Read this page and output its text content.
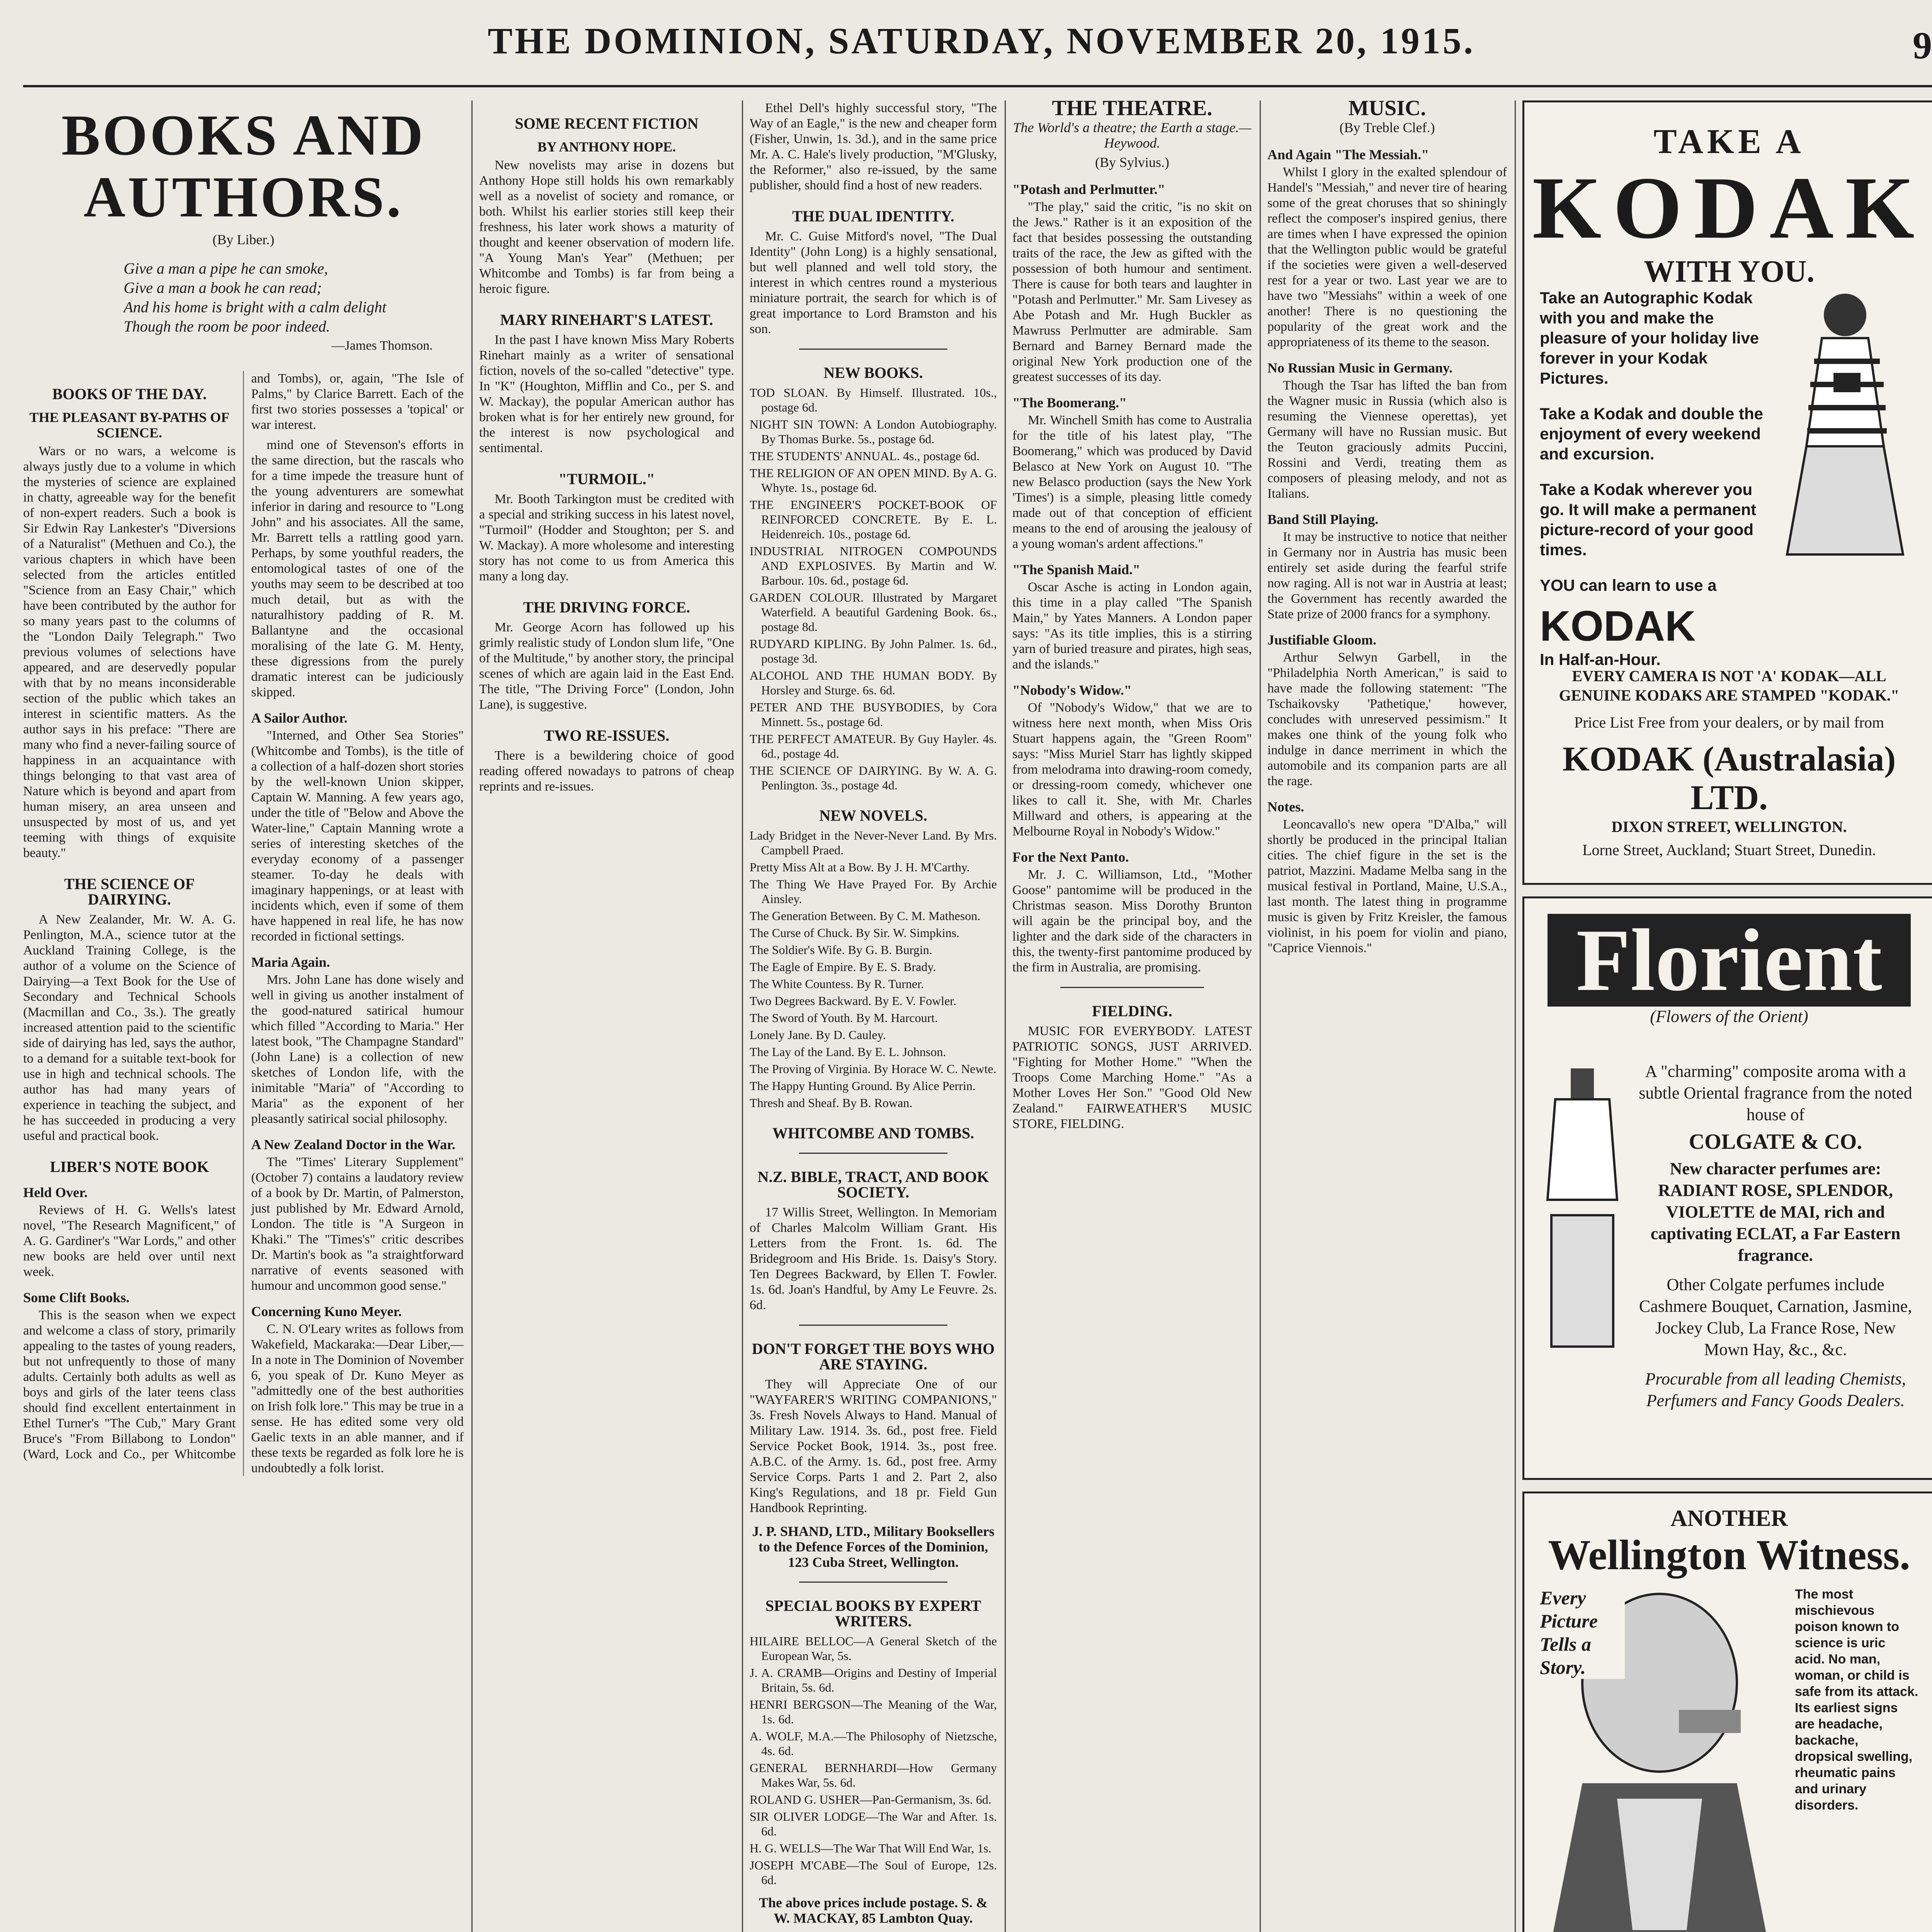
THE DOMINION, SATURDAY, NOVEMBER 20, 1915.	9
BOOKS AND AUTHORS.
(By Liber.)
Give a man a pipe he can smoke,
Give a man a book he can read;
And his home is bright with a calm delight
Though the room be poor indeed.
—James Thomson.
BOOKS OF THE DAY.
THE PLEASANT BY-PATHS OF SCIENCE.

Wars or no wars, a welcome is always justly due to a volume in which the mysteries of science are explained in chatty, agreeable way for the benefit of non-expert readers. Such a book is Sir Edwin Ray Lankester's "Diversions of a Naturalist" (Methuen and Co.), the various chapters in which have been selected from the articles entitled "Science from an Easy Chair," which have been contributed by the author for so many years past to the columns of the "London Daily Telegraph." Two previous volumes of selections have appeared, and are deservedly popular with that by no means inconsiderable section of the public which takes an interest in scientific matters. As the author says in his preface: "There are many who find a never-failing source of happiness in an acquaintance with things belonging to that vast area of Nature which is beyond and apart from human misery, an area unseen and unsuspected by most of us, and yet teeming with things of exquisite beauty."

THE SCIENCE OF DAIRYING.

A New Zealander, Mr. W. A. G. Penlington, M.A., science tutor at the Auckland Training College, is the author of a volume on the Science of Dairying—a Text Book for the Use of Secondary and Technical Schools (Macmillan and Co., 3s.). The greatly increased attention paid to the scientific side of dairying has led, says the author, to a demand for a suitable text-book for use in high and technical schools. The author has had many years of experience in teaching the subject, and he has succeeded in producing a very useful and practical book.

LIBER'S NOTE BOOK
Held Over.

Reviews of H. G. Wells's latest novel, "The Research Magnificent," of A. G. Gardiner's "War Lords," and other new books are held over until next week.

Some Clift Books.

This is the season when we expect and welcome a class of story, primarily appealing to the tastes of young readers, but not unfrequently to those of many adults. Certainly both adults as well as boys and girls of the later teens class should find excellent entertainment in Ethel Turner's "The Cub," Mary Grant Bruce's "From Billabong to London" (Ward, Lock and Co., per Whitcombe and Tombs), or, again, "The Isle of Palms," by Clarice Barrett. Each of the first two stories possesses a 'topical' or war interest.

mind one of Stevenson's efforts in the same direction, but the rascals who for a time impede the treasure hunt of the young adventurers are somewhat inferior in daring and resource to "Long John" and his associates. All the same, Mr. Barrett tells a rattling good yarn. Perhaps, by some youthful readers, the entomological tastes of one of the youths may seem to be described at too much detail, but as with the naturalhistory padding of R. M. Ballantyne and the occasional moralising of the late G. M. Henty, these digressions from the purely dramatic interest can be judiciously skipped.

A Sailor Author.

"Interned, and Other Sea Stories" (Whitcombe and Tombs), is the title of a collection of a half-dozen short stories by the well-known Union skipper, Captain W. Manning. A few years ago, under the title of "Below and Above the Water-line," Captain Manning wrote a series of interesting sketches of the everyday economy of a passenger steamer. To-day he deals with imaginary happenings, or at least with incidents which, even if some of them have happened in real life, he has now recorded in fictional settings.

Maria Again.

Mrs. John Lane has done wisely and well in giving us another instalment of the good-natured satirical humour which filled "According to Maria." Her latest book, "The Champagne Standard" (John Lane) is a collection of new sketches of London life, with the inimitable "Maria" of "According to Maria" as the exponent of her pleasantly satirical social philosophy.

A New Zealand Doctor in the War.

The "Times' Literary Supplement" (October 7) contains a laudatory review of a book by Dr. Martin, of Palmerston, just published by Mr. Edward Arnold, London. The title is "A Surgeon in Khaki." The "Times's" critic describes Dr. Martin's book as "a straightforward narrative of events seasoned with humour and uncommon good sense."

Concerning Kuno Meyer.

C. N. O'Leary writes as follows from Wakefield, Mackaraka:—Dear Liber,—In a note in The Dominion of November 6, you speak of Dr. Kuno Meyer as "admittedly one of the best authorities on Irish folk lore." This may be true in a sense. He has edited some very old Gaelic texts in an able manner, and if these texts be regarded as folk lore he is undoubtedly a folk lorist.

SOME RECENT FICTION
BY ANTHONY HOPE.

New novelists may arise in dozens but Anthony Hope still holds his own remarkably well as a novelist of society and romance, or both. Whilst his earlier stories still keep their freshness, his later work shows a maturity of thought and keener observation of modern life. "A Young Man's Year" (Methuen; per Whitcombe and Tombs) is far from being a heroic figure.

MARY RINEHART'S LATEST.

In the past I have known Miss Mary Roberts Rinehart mainly as a writer of sensational fiction, novels of the so-called "detective" type. In "K" (Houghton, Mifflin and Co., per S. and W. Mackay), the popular American author has broken what is for her entirely new ground, for the interest is now psychological and sentimental.

"TURMOIL."

Mr. Booth Tarkington must be credited with a special and striking success in his latest novel, "Turmoil" (Hodder and Stoughton; per S. and W. Mackay). A more wholesome and interesting story has not come to us from America this many a long day.

THE DRIVING FORCE.

Mr. George Acorn has followed up his grimly realistic study of London slum life, "One of the Multitude," by another story, the principal scenes of which are again laid in the East End. The title, "The Driving Force" (London, John Lane), is suggestive.

TWO RE-ISSUES.

There is a bewildering choice of good reading offered nowadays to patrons of cheap reprints and re-issues.

Ethel Dell's highly successful story, "The Way of an Eagle," is the new and cheaper form (Fisher, Unwin, 1s. 3d.), and in the same price Mr. A. C. Hale's lively production, "M'Glusky, the Reformer," also re-issued, by the same publisher, should find a host of new readers.

THE DUAL IDENTITY.

Mr. C. Guise Mitford's novel, "The Dual Identity" (John Long) is a highly sensational, but well planned and well told story, the interest in which centres round a mysterious miniature portrait, the search for which is of great importance to Lord Bramston and his son.

NEW BOOKS.
TOD SLOAN. By Himself. Illustrated. 10s., postage 6d.
NIGHT SIN TOWN: A London Autobiography. By Thomas Burke. 5s., postage 6d.
THE STUDENTS' ANNUAL. 4s., postage 6d.
THE RELIGION OF AN OPEN MIND. By A. G. Whyte. 1s., postage 6d.
THE ENGINEER'S POCKET-BOOK OF REINFORCED CONCRETE. By E. L. Heidenreich. 10s., postage 6d.
INDUSTRIAL NITROGEN COMPOUNDS AND EXPLOSIVES. By Martin and W. Barbour. 10s. 6d., postage 6d.
GARDEN COLOUR. Illustrated by Margaret Waterfield. A beautiful Gardening Book. 6s., postage 8d.
RUDYARD KIPLING. By John Palmer. 1s. 6d., postage 3d.
ALCOHOL AND THE HUMAN BODY. By Horsley and Sturge. 6s. 6d.
PETER AND THE BUSYBODIES, by Cora Minnett. 5s., postage 6d.
THE PERFECT AMATEUR. By Guy Hayler. 4s. 6d., postage 4d.
THE SCIENCE OF DAIRYING. By W. A. G. Penlington. 3s., postage 4d.
NEW NOVELS.
Lady Bridget in the Never-Never Land. By Mrs. Campbell Praed.
Pretty Miss Alt at a Bow. By J. H. M'Carthy.
The Thing We Have Prayed For. By Archie Ainsley.
The Generation Between. By C. M. Matheson.
The Curse of Chuck. By Sir. W. Simpkins.
The Soldier's Wife. By G. B. Burgin.
The Eagle of Empire. By E. S. Brady.
The White Countess. By R. Turner.
Two Degrees Backward. By E. V. Fowler.
The Sword of Youth. By M. Harcourt.
Lonely Jane. By D. Cauley.
The Lay of the Land. By E. L. Johnson.
The Proving of Virginia. By Horace W. C. Newte.
The Happy Hunting Ground. By Alice Perrin.
Thresh and Sheaf. By B. Rowan.
WHITCOMBE AND TOMBS.
N.Z. BIBLE, TRACT, AND BOOK SOCIETY.

17 Willis Street, Wellington. In Memoriam of Charles Malcolm William Grant. His Letters from the Front. 1s. 6d. The Bridegroom and His Bride. 1s. Daisy's Story. Ten Degrees Backward, by Ellen T. Fowler. 1s. 6d. Joan's Handful, by Amy Le Feuvre. 2s. 6d.

DON'T FORGET THE BOYS WHO ARE STAYING.

They will Appreciate One of our "WAYFARER'S WRITING COMPANIONS," 3s. Fresh Novels Always to Hand. Manual of Military Law. 1914. 3s. 6d., post free. Field Service Pocket Book, 1914. 3s., post free. A.B.C. of the Army. 1s. 6d., post free. Army Service Corps. Parts 1 and 2. Part 2, also King's Regulations, and 18 pr. Field Gun Handbook Reprinting.

J. P. SHAND, LTD., Military Booksellers to the Defence Forces of the Dominion, 123 Cuba Street, Wellington.
SPECIAL BOOKS BY EXPERT WRITERS.
HILAIRE BELLOC—A General Sketch of the European War, 5s.
J. A. CRAMB—Origins and Destiny of Imperial Britain, 5s. 6d.
HENRI BERGSON—The Meaning of the War, 1s. 6d.
A. WOLF, M.A.—The Philosophy of Nietzsche, 4s. 6d.
GENERAL BERNHARDI—How Germany Makes War, 5s. 6d.
ROLAND G. USHER—Pan-Germanism, 3s. 6d.
SIR OLIVER LODGE—The War and After. 1s. 6d.
H. G. WELLS—The War That Will End War, 1s.
JOSEPH M'CABE—The Soul of Europe, 12s. 6d.
The above prices include postage. S. & W. MACKAY, 85 Lambton Quay.

THE THEATRE.
The World's a theatre; the Earth a stage.—Heywood.
(By Sylvius.)
"Potash and Perlmutter."

"The play," said the critic, "is no skit on the Jews." Rather is it an exposition of the fact that besides possessing the outstanding traits of the race, the Jew as gifted with the possession of both humour and sentiment. There is cause for both tears and laughter in "Potash and Perlmutter." Mr. Sam Livesey as Abe Potash and Mr. Hugh Buckler as Mawruss Perlmutter are admirable. Sam Bernard and Barney Bernard made the original New York production one of the greatest successes of its day.

"The Boomerang."

Mr. Winchell Smith has come to Australia for the title of his latest play, "The Boomerang," which was produced by David Belasco at New York on August 10. "The new Belasco production (says the New York 'Times') is a simple, pleasing little comedy made out of that conception of efficient means to the end of arousing the jealousy of a young woman's ardent affections."

"The Spanish Maid."

Oscar Asche is acting in London again, this time in a play called "The Spanish Main," by Yates Manners. A London paper says: "As its title implies, this is a stirring yarn of buried treasure and pirates, high seas, and the islands."

"Nobody's Widow."

Of "Nobody's Widow," that we are to witness here next month, when Miss Oris Stuart happens again, the "Green Room" says: "Miss Muriel Starr has lightly skipped from melodrama into drawing-room comedy, or dressing-room comedy, whichever one likes to call it. She, with Mr. Charles Millward and others, is appearing at the Melbourne Royal in Nobody's Widow."

For the Next Panto.

Mr. J. C. Williamson, Ltd., "Mother Goose" pantomime will be produced in the Christmas season. Miss Dorothy Brunton will again be the principal boy, and the lighter and the dark side of the characters in this, the twenty-first pantomime produced by the firm in Australia, are promising.

FIELDING.

MUSIC FOR EVERYBODY. LATEST PATRIOTIC SONGS, JUST ARRIVED. "Fighting for Mother Home." "When the Troops Come Marching Home." "As a Mother Loves Her Son." "Good Old New Zealand." FAIRWEATHER'S MUSIC STORE, FIELDING.

MUSIC.
(By Treble Clef.)
And Again "The Messiah."

Whilst I glory in the exalted splendour of Handel's "Messiah," and never tire of hearing some of the great choruses that so shiningly reflect the composer's inspired genius, there are times when I have expressed the opinion that the Wellington public would be grateful if the societies were given a well-deserved rest for a year or two. Last year we are to have two "Messiahs" within a week of one another! There is no questioning the popularity of the great work and the appropriateness of its theme to the season.

No Russian Music in Germany.

Though the Tsar has lifted the ban from the Wagner music in Russia (which also is resuming the Viennese operettas), yet Germany will have no Russian music. But the Teuton graciously admits Puccini, Rossini and Verdi, treating them as composers of pleasing melody, and not as Italians.

Band Still Playing.

It may be instructive to notice that neither in Germany nor in Austria has music been entirely set aside during the fearful strife now raging. All is not war in Austria at least; the Government has recently awarded the State prize of 2000 francs for a symphony.

Justifiable Gloom.

Arthur Selwyn Garbell, in the "Philadelphia North American," is said to have made the following statement: "The Tschaikovsky 'Pathetique,' however, concludes with unreserved pessimism." It makes one think of the young folk who indulge in dance merriment in which the automobile and its companion parts are all the rage.

Notes.

Leoncavallo's new opera "D'Alba," will shortly be produced in the principal Italian cities. The chief figure in the set is the patriot, Mazzini. Madame Melba sang in the musical festival in Portland, Maine, U.S.A., last month. The latest thing in programme music is given by Fritz Kreisler, the famous violinist, in his poem for violin and piano, "Caprice Viennois."

TAKE A
KODAK
WITH YOU.
Take an Autographic Kodak with you and make the pleasure of your holiday live forever in your Kodak Pictures.
Take a Kodak and double the enjoyment of every weekend and excursion.
Take a Kodak wherever you go. It will make a permanent picture-record of your good times.
YOU can learn to use a
KODAK
In Half-an-Hour.
EVERY CAMERA IS NOT 'A' KODAK—ALL GENUINE KODAKS ARE STAMPED "KODAK."
Price List Free from your dealers, or by mail from
KODAK (Australasia) LTD.
DIXON STREET, WELLINGTON.
Lorne Street, Auckland; Stuart Street, Dunedin.
Florient
(Flowers of the Orient)
A "charming" composite aroma with a subtle Oriental fragrance from the noted house of
COLGATE & CO.
New character perfumes are: RADIANT ROSE, SPLENDOR, VIOLETTE de MAI, rich and captivating ECLAT, a Far Eastern fragrance.
Other Colgate perfumes include Cashmere Bouquet, Carnation, Jasmine, Jockey Club, La France Rose, New Mown Hay, &c., &c.
Procurable from all leading Chemists, Perfumers and Fancy Goods Dealers.
ANOTHER
Wellington Witness.
Every Picture Tells a Story.
The most mischievous poison known to science is uric acid. No man, woman, or child is safe from its attack. Its earliest signs are headache, backache, dropsical swelling, rheumatic pains and urinary disorders.
